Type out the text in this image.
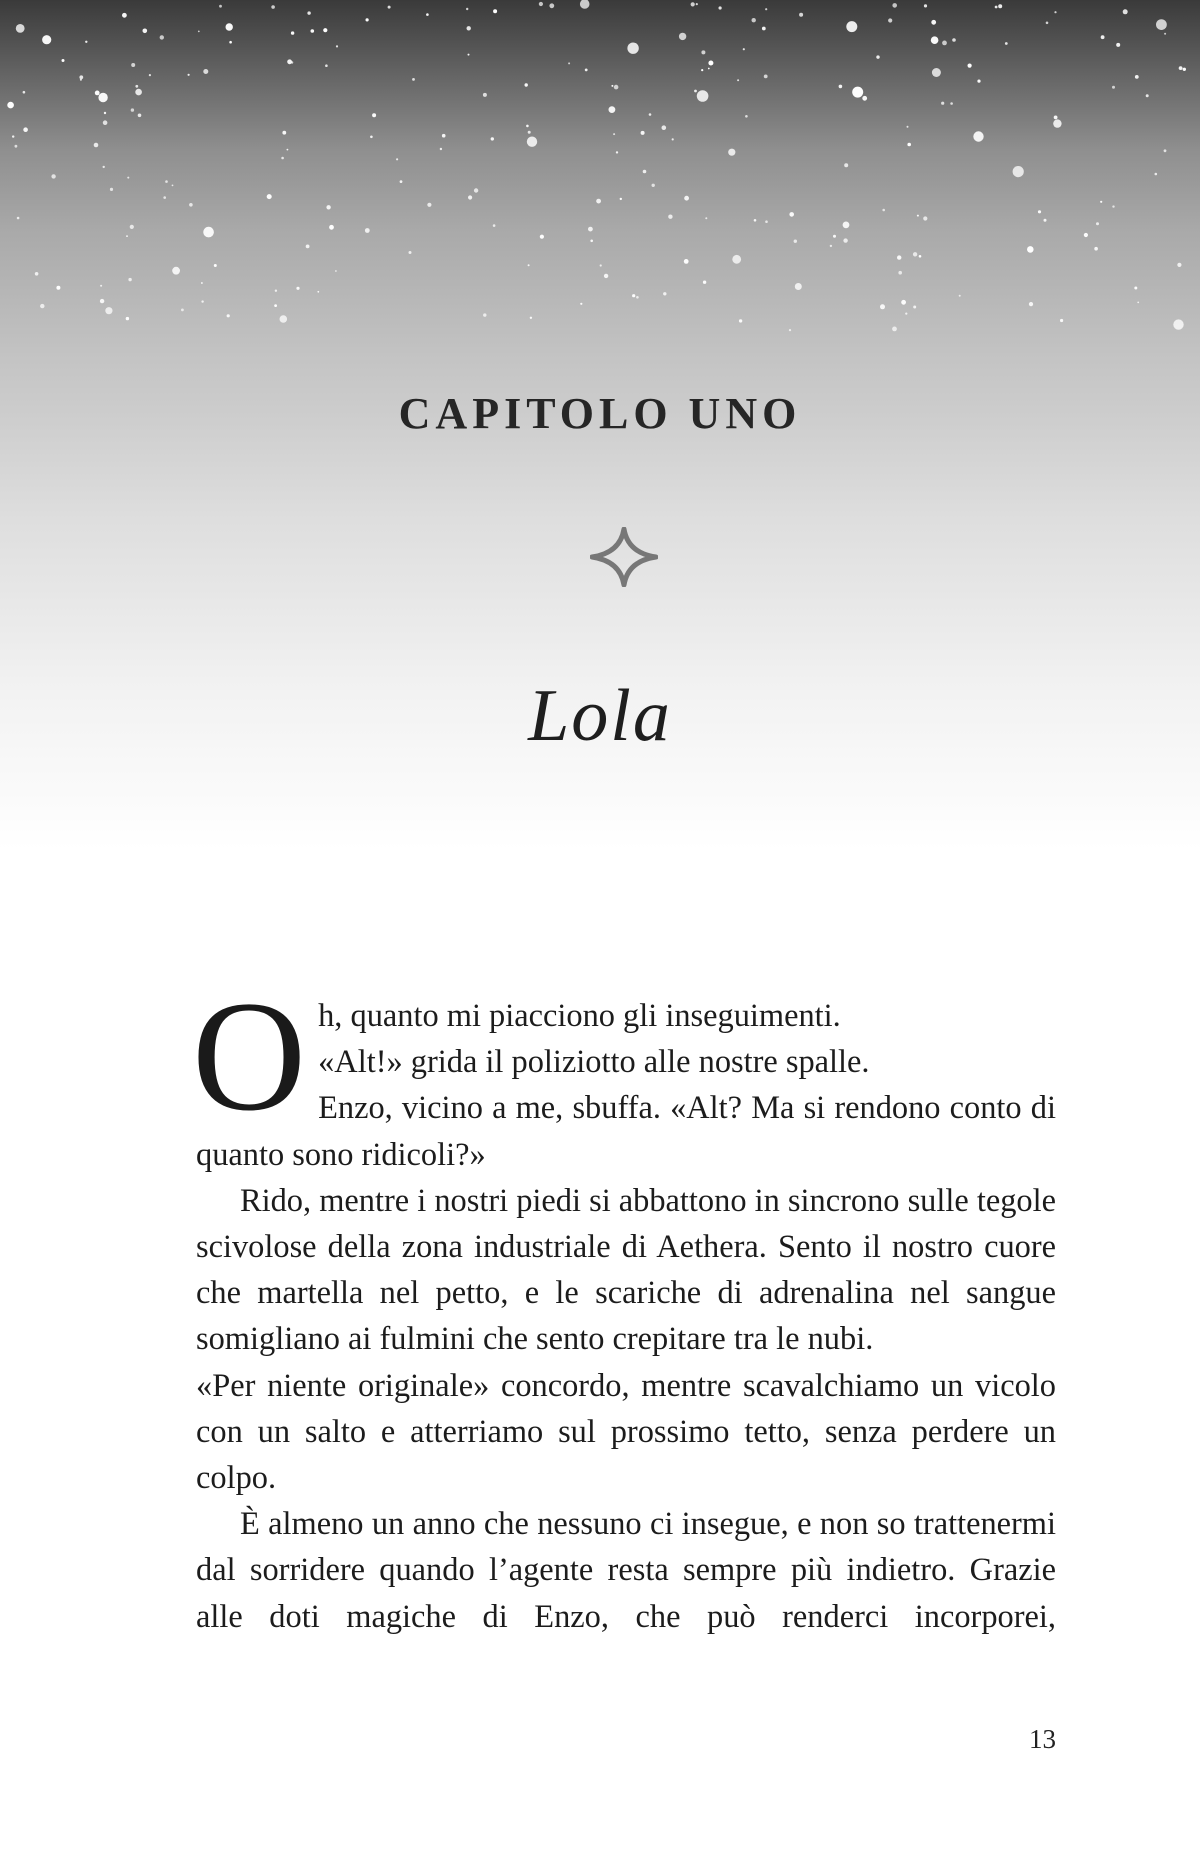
CAPITOLO UNO
Lola

Oh, quanto mi piacciono gli inseguimenti.

«Alt!» grida il poliziotto alle nostre spalle.

Enzo, vicino a me, sbuffa. «Alt? Ma si rendono conto di quanto sono ridicoli?»

Rido, mentre i nostri piedi si abbattono in sincrono sulle tegole scivolose della zona industriale di Aethera. Sento il nostro cuore che martella nel petto, e le scariche di adrenalina nel sangue somigliano ai fulmini che sento crepitare tra le nubi.

«Per niente originale» concordo, mentre scavalchiamo un vicolo con un salto e atterriamo sul prossimo tetto, senza perdere un colpo.

È almeno un anno che nessuno ci insegue, e non so trattenermi dal sorridere quando l’agente resta sempre più indietro. Grazie alle doti magiche di Enzo, che può renderci incorporei,

13
